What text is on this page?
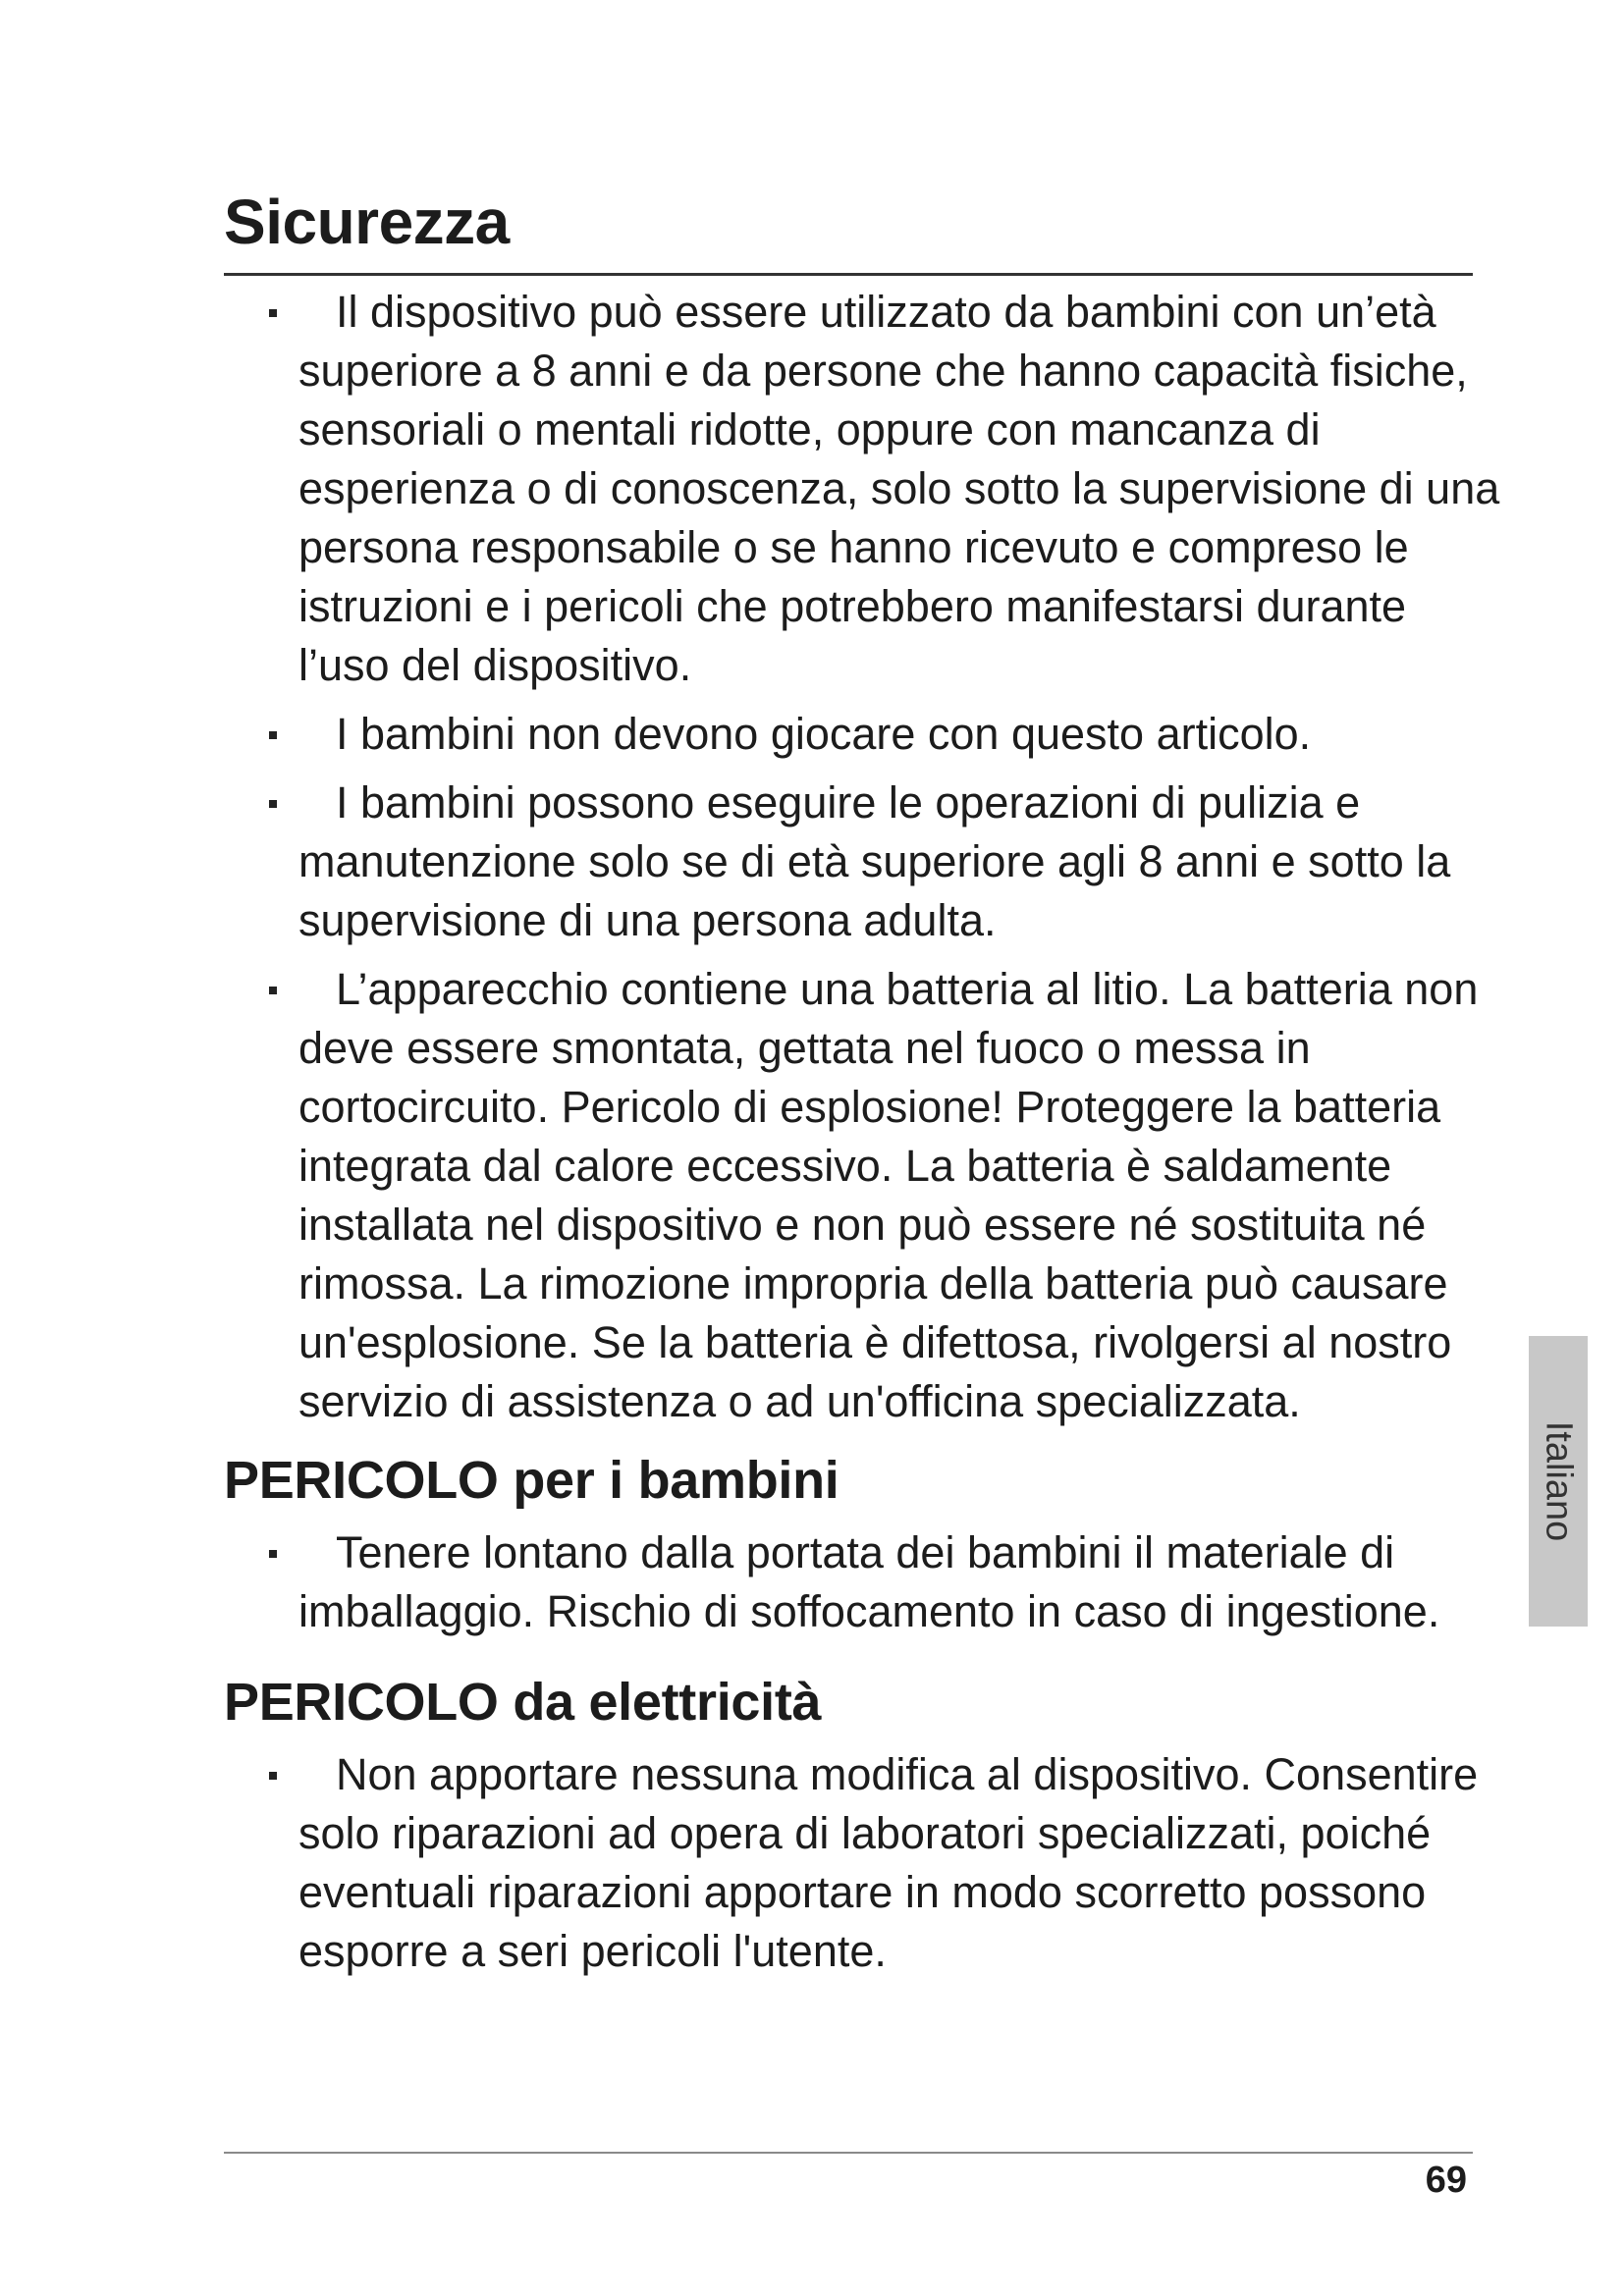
Sicurezza
Il dispositivo può essere utilizzato da bambini con un’età superiore a 8 anni e da persone che hanno capacità fisiche, sensoriali o mentali ridotte, oppure con mancanza di esperienza o di conoscenza, solo sotto la supervisione di una persona responsabile o se hanno ricevuto e compreso le istruzioni e i pericoli che potrebbero manifestarsi durante l’uso del dispositivo.
I bambini non devono giocare con questo articolo.
I bambini possono eseguire le operazioni di pulizia e manutenzione solo se di età superiore agli 8 anni e sotto la supervisione di una persona adulta.
L’apparecchio contiene una batteria al litio. La batteria non deve essere smontata, gettata nel fuoco o messa in cortocircuito. Pericolo di esplosione! Proteggere la batteria integrata dal calore eccessivo. La batteria è saldamente installata nel dispositivo e non può essere né sostituita né rimossa. La rimozione impropria della batteria può causare un'esplosione. Se la batteria è difettosa, rivolgersi al nostro servizio di assistenza o ad un'officina specializzata.
PERICOLO per i bambini
Tenere lontano dalla portata dei bambini il materiale di imballaggio. Rischio di soffocamento in caso di ingestione.
PERICOLO da elettricità
Non apportare nessuna modifica al dispositivo. Consentire solo riparazioni ad opera di laboratori specializzati, poiché eventuali riparazioni apportare in modo scorretto possono esporre a seri pericoli l'utente.
Italiano
69
